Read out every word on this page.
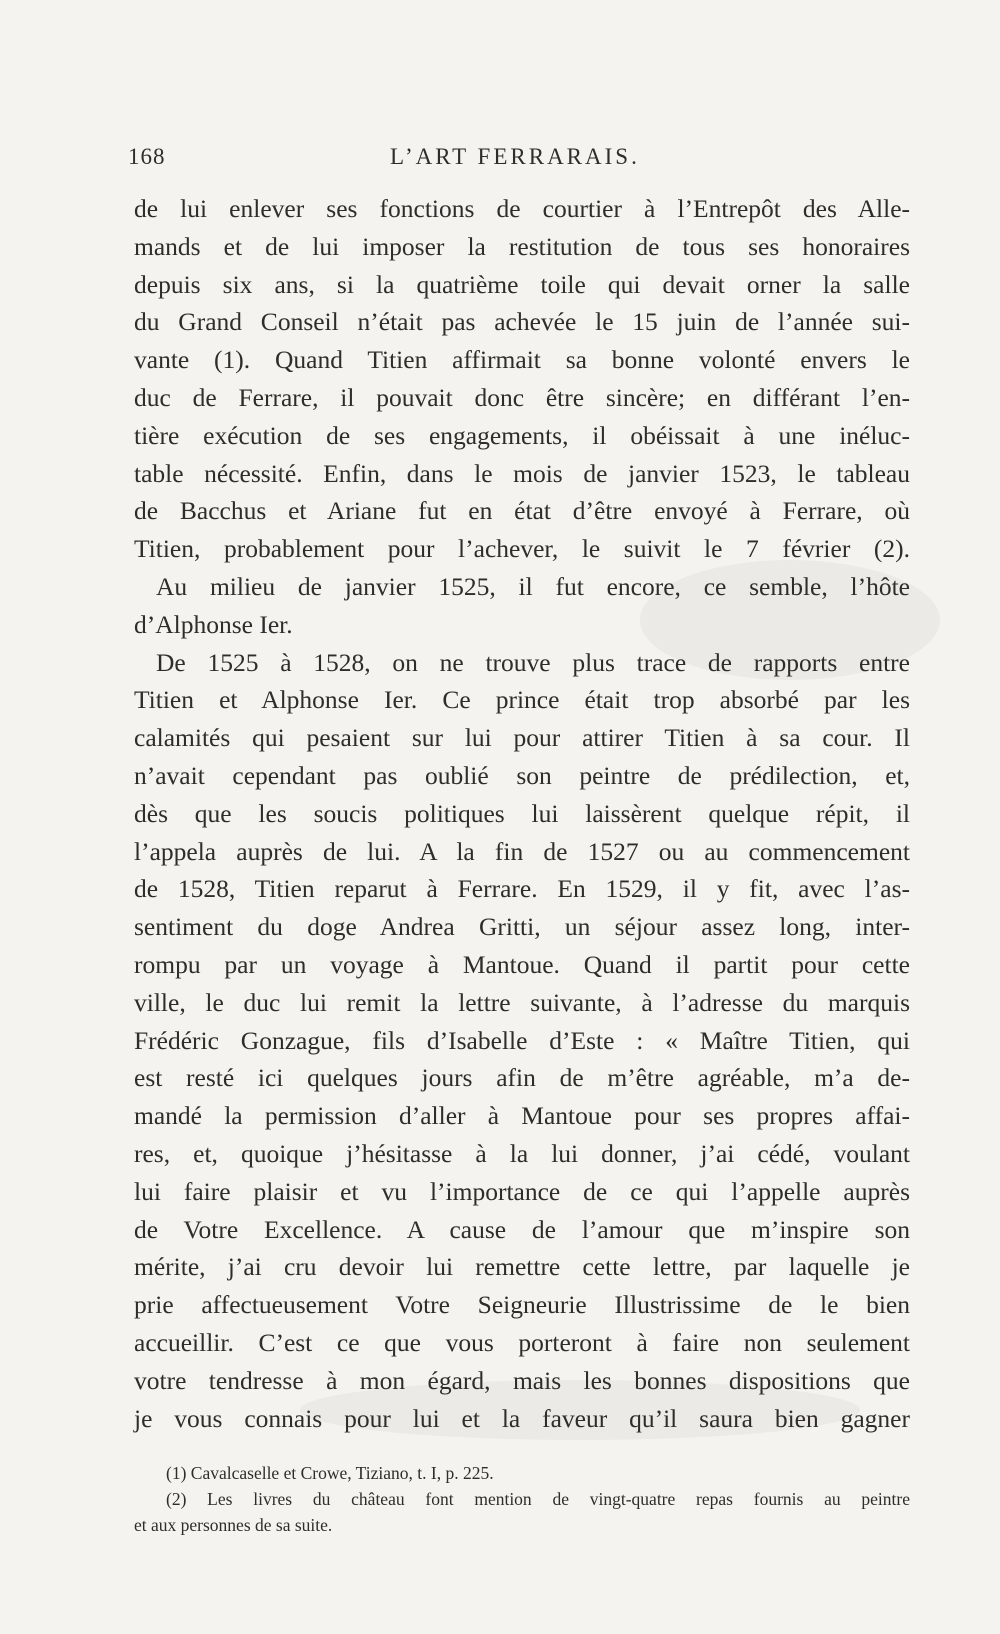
168	L’ART FERRARAIS.
de lui enlever ses fonctions de courtier à l’Entrepôt des Alle-
mands et de lui imposer la restitution de tous ses honoraires
depuis six ans, si la quatrième toile qui devait orner la salle
du Grand Conseil n’était pas achevée le 15 juin de l’année sui-
vante (1). Quand Titien affirmait sa bonne volonté envers le
duc de Ferrare, il pouvait donc être sincère; en différant l’en-
tière exécution de ses engagements, il obéissait à une inéluc-
table nécessité. Enfin, dans le mois de janvier 1523, le tableau
de Bacchus et Ariane fut en état d’être envoyé à Ferrare, où
Titien, probablement pour l’achever, le suivit le 7 février (2).
Au milieu de janvier 1525, il fut encore, ce semble, l’hôte
d’Alphonse Ier.
De 1525 à 1528, on ne trouve plus trace de rapports entre
Titien et Alphonse Ier. Ce prince était trop absorbé par les
calamités qui pesaient sur lui pour attirer Titien à sa cour. Il
n’avait cependant pas oublié son peintre de prédilection, et,
dès que les soucis politiques lui laissèrent quelque répit, il
l’appela auprès de lui. A la fin de 1527 ou au commencement
de 1528, Titien reparut à Ferrare. En 1529, il y fit, avec l’as-
sentiment du doge Andrea Gritti, un séjour assez long, inter-
rompu par un voyage à Mantoue. Quand il partit pour cette
ville, le duc lui remit la lettre suivante, à l’adresse du marquis
Frédéric Gonzague, fils d’Isabelle d’Este : « Maître Titien, qui
est resté ici quelques jours afin de m’être agréable, m’a de-
mandé la permission d’aller à Mantoue pour ses propres affai-
res, et, quoique j’hésitasse à la lui donner, j’ai cédé, voulant
lui faire plaisir et vu l’importance de ce qui l’appelle auprès
de Votre Excellence. A cause de l’amour que m’inspire son
mérite, j’ai cru devoir lui remettre cette lettre, par laquelle je
prie affectueusement Votre Seigneurie Illustrissime de le bien
accueillir. C’est ce que vous porteront à faire non seulement
votre tendresse à mon égard, mais les bonnes dispositions que
je vous connais pour lui et la faveur qu’il saura bien gagner
(1) Cavalcaselle et Crowe, Tiziano, t. I, p. 225.
(2) Les livres du château font mention de vingt-quatre repas fournis au peintre
et aux personnes de sa suite.
